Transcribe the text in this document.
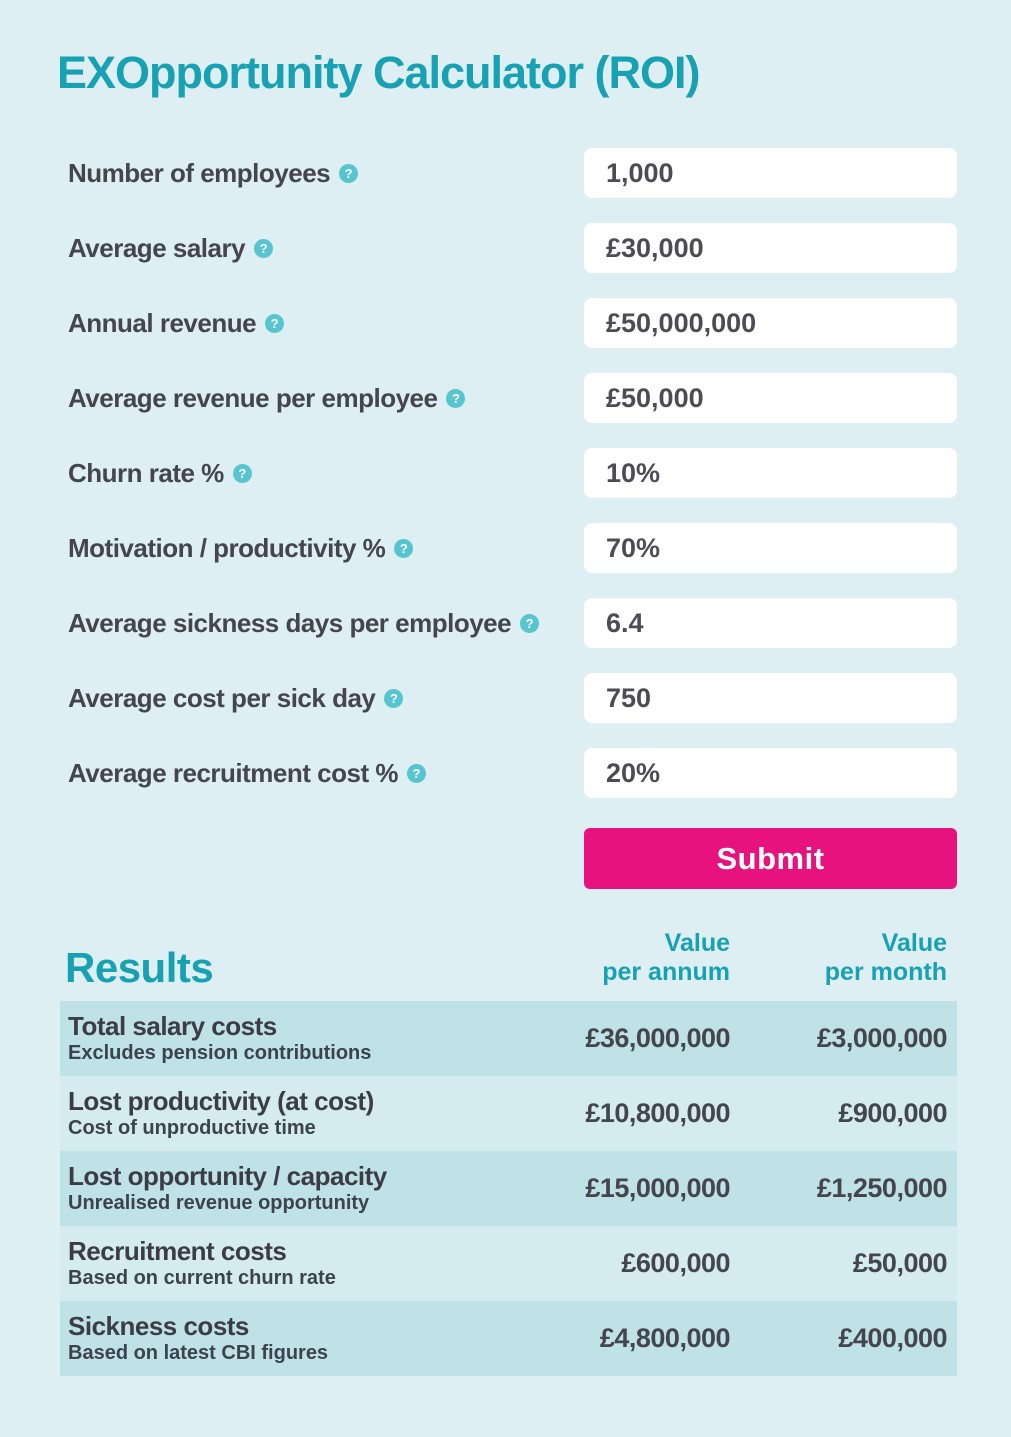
EXOpportunity Calculator (ROI)
Number of employees	?
1,000
Average salary	?
£30,000
Annual revenue	?
£50,000,000
Average revenue per employee	?
£50,000
Churn rate %	?
10%
Motivation / productivity %	?
70%
Average sickness days per employee	?
6.4
Average cost per sick day	?
750
Average recruitment cost %	?
20%
Submit
Results
Value
per annum
Value
per month
Total salary costs
Excludes pension contributions	£36,000,000	£3,000,000
Lost productivity (at cost)
Cost of unproductive time	£10,800,000	£900,000
Lost opportunity / capacity
Unrealised revenue opportunity	£15,000,000	£1,250,000
Recruitment costs
Based on current churn rate	£600,000	£50,000
Sickness costs
Based on latest CBI figures	£4,800,000	£400,000
